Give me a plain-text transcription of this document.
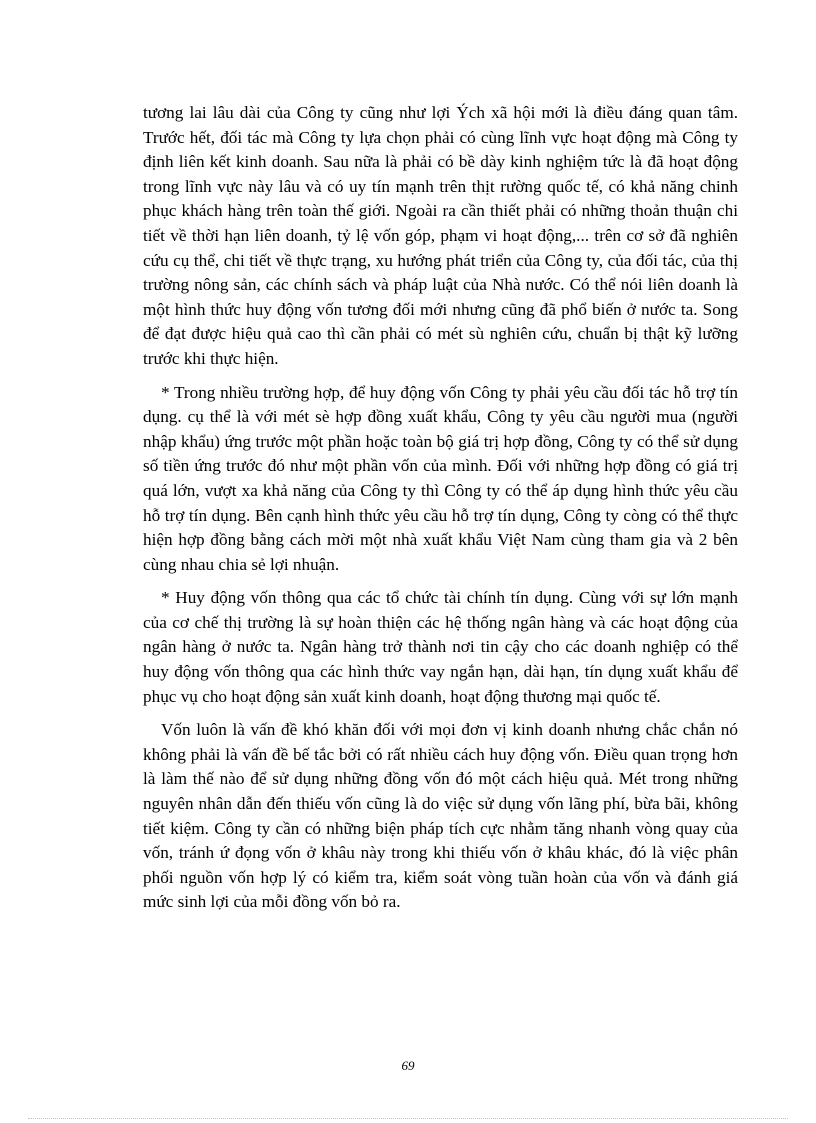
tương lai lâu dài của Công ty cũng như lợi Ých xã hội mới là điều đáng quan tâm. Trước hết, đối tác mà Công ty lựa chọn phải có cùng lĩnh vực hoạt động mà Công ty định liên kết kinh doanh. Sau nữa là phải có bề dày kinh nghiệm tức là đã hoạt động trong lĩnh vực này lâu và có uy tín mạnh trên thịt rường quốc tế, có khả năng chinh phục khách hàng trên toàn thế giới. Ngoài ra cần thiết phải có những thoản thuận chi tiết về thời hạn liên doanh, tỷ lệ vốn góp, phạm vi hoạt động,... trên cơ sở đã nghiên cứu cụ thể, chi tiết về thực trạng, xu hướng phát triển của Công ty, của đối tác, của thị trường nông sản, các chính sách và pháp luật của Nhà nước. Có thể nói liên doanh là một hình thức huy động vốn tương đối mới nhưng cũng đã phổ biến ở nước ta. Song để đạt được hiệu quả cao thì cần phải có mét sù nghiên cứu, chuẩn bị thật kỹ lưỡng trước khi thực hiện.

* Trong nhiều trường hợp, để huy động vốn Công ty phải yêu cầu đối tác hỗ trợ tín dụng. cụ thể là với mét sè hợp đồng xuất khẩu, Công ty yêu cầu người mua (người nhập khẩu) ứng trước một phần hoặc toàn bộ giá trị hợp đồng, Công ty có thể sử dụng số tiền ứng trước đó như một phần vốn của mình. Đối với những hợp đồng có giá trị quá lớn, vượt xa khả năng của Công ty thì Công ty có thể áp dụng hình thức yêu cầu hỗ trợ tín dụng. Bên cạnh hình thức yêu cầu hỗ trợ tín dụng, Công ty còng có thể thực hiện hợp đồng bằng cách mời một nhà xuất khẩu Việt Nam cùng tham gia và 2 bên cùng nhau chia sẻ lợi nhuận.

* Huy động vốn thông qua các tổ chức tài chính tín dụng. Cùng với sự lớn mạnh của cơ chế thị trường là sự hoàn thiện các hệ thống ngân hàng và các hoạt động của ngân hàng ở nước ta. Ngân hàng trở thành nơi tin cậy cho các doanh nghiệp có thể huy động vốn thông qua các hình thức vay ngắn hạn, dài hạn, tín dụng xuất khẩu để phục vụ cho hoạt động sản xuất kinh doanh, hoạt động thương mại quốc tế.

Vốn luôn là vấn đề khó khăn đối với mọi đơn vị kinh doanh nhưng chắc chắn nó không phải là vấn đề bế tắc bởi có rất nhiều cách huy động vốn. Điều quan trọng hơn là làm thế nào để sử dụng những đồng vốn đó một cách hiệu quả. Mét trong những nguyên nhân dẫn đến thiếu vốn cũng là do việc sử dụng vốn lãng phí, bừa bãi, không tiết kiệm. Công ty cần có những biện pháp tích cực nhằm tăng nhanh vòng quay của vốn, tránh ứ đọng vốn ở khâu này trong khi thiếu vốn ở khâu khác, đó là việc phân phối nguồn vốn hợp lý có kiểm tra, kiểm soát vòng tuần hoàn của vốn và đánh giá mức sinh lợi của mỗi đồng vốn bỏ ra.

69
